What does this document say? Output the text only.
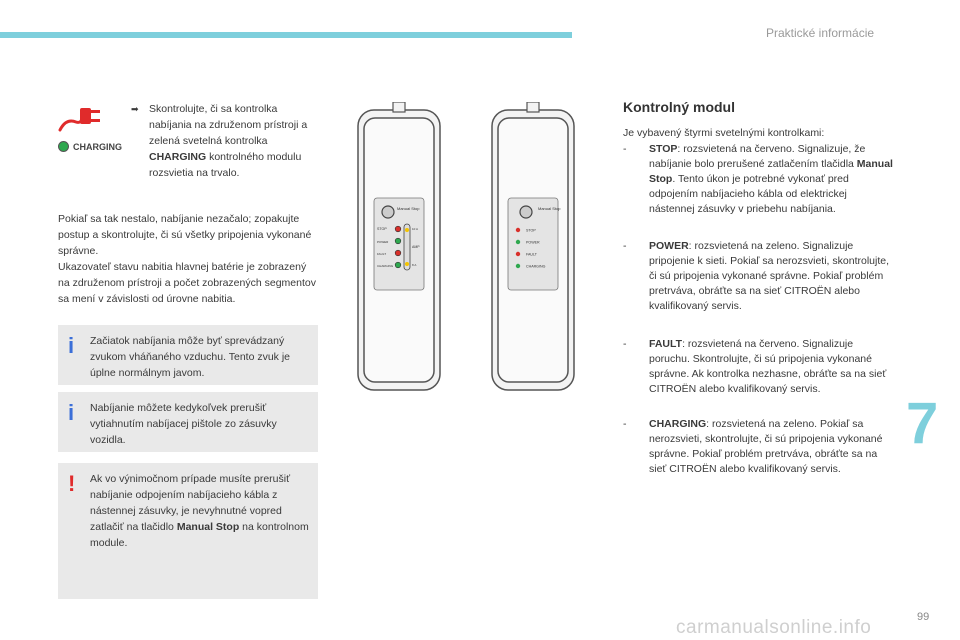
Praktické informácie
CHARGING
➡ Skontrolujte, či sa kontrolka nabíjania na združenom prístroji a zelená svetelná kontrolka CHARGING kontrolného modulu rozsvietia na trvalo.
Pokiaľ sa tak nestalo, nabíjanie nezačalo; zopakujte postup a skontrolujte, či sú všetky pripojenia vykonané správne.
Ukazovateľ stavu nabitia hlavnej batérie je zobrazený na združenom prístroji a počet zobrazených segmentov sa mení v závislosti od úrovne nabitia.
i	Začiatok nabíjania môže byť sprevádzaný zvukom vháňaného vzduchu. Tento zvuk je úplne normálnym javom.
i	Nabíjanie môžete kedykoľvek prerušiť vytiahnutím nabíjacej pištole zo zásuvky vozidla.
! Ak vo výnimočnom prípade musíte prerušiť nabíjanie odpojením nabíjacieho kábla z nástennej zásuvky, je nevyhnutné vopred zatlačiť na tlačidlo Manual Stop na kontrolnom module.
Manual Stop
STOP
POWER
FAULT
CHARGING
10 A
AMP
8 A
Manual Stop
STOP
POWER
FAULT
CHARGING
Kontrolný modul
Je vybavený štyrmi svetelnými kontrolkami:
-	STOP: rozsvietená na červeno. Signalizuje, že nabíjanie bolo prerušené zatlačením tlačidla Manual Stop. Tento úkon je potrebné vykonať pred odpojením nabíjacieho kábla od elektrickej nástennej zásuvky v priebehu nabíjania.
-	POWER: rozsvietená na zeleno. Signalizuje pripojenie k sieti. Pokiaľ sa nerozsvieti, skontrolujte, či sú pripojenia vykonané správne. Pokiaľ problém pretrváva, obráťte sa na sieť CITROËN alebo kvalifikovaný servis.
-	FAULT: rozsvietená na červeno. Signalizuje poruchu. Skontrolujte, či sú pripojenia vykonané správne. Ak kontrolka nezhasne, obráťte sa na sieť CITROËN alebo kvalifikovaný servis.
-	CHARGING: rozsvietená na zeleno. Pokiaľ sa nerozsvieti, skontrolujte, či sú pripojenia vykonané správne. Pokiaľ problém pretrváva, obráťte sa na sieť CITROËN alebo kvalifikovaný servis.
7
carmanualsonline.info	99
